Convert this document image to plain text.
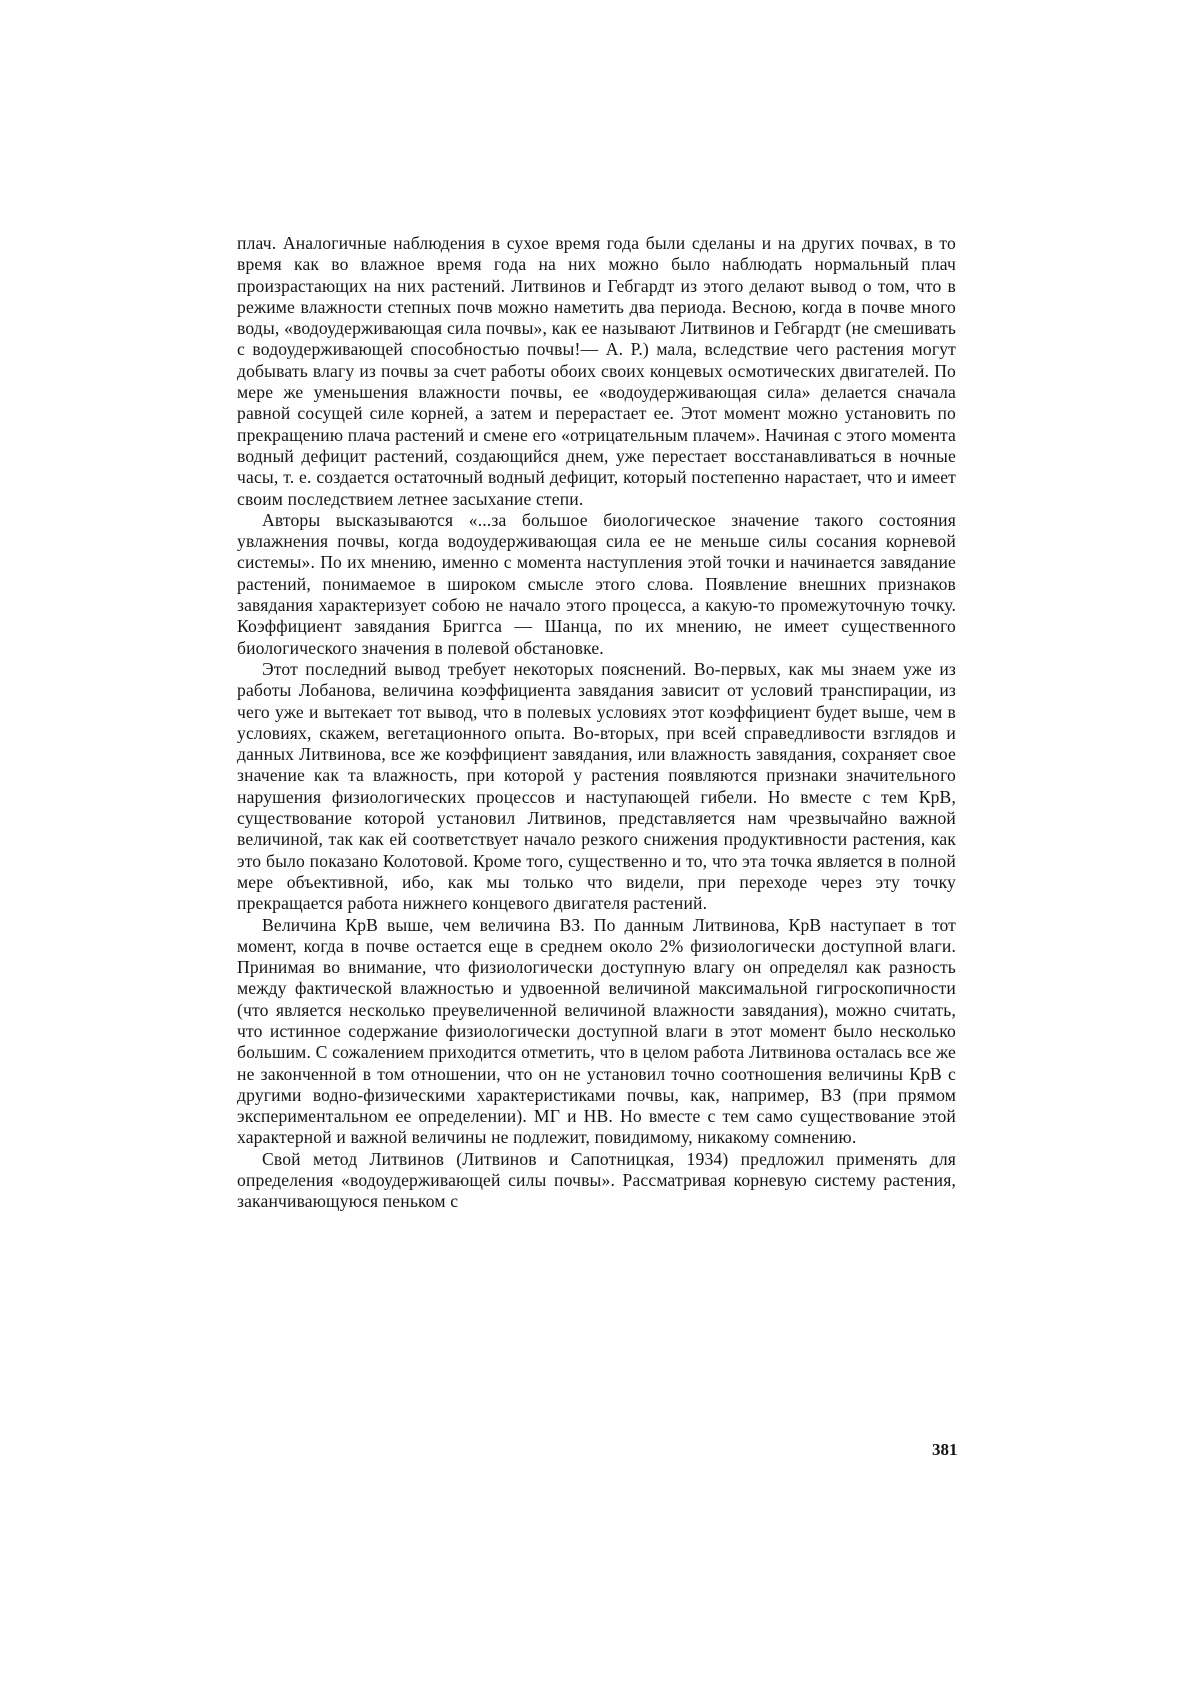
плач. Аналогичные наблюдения в сухое время года были сделаны и на других почвах, в то время как во влажное время года на них можно было наблюдать нормальный плач произрастающих на них растений. Литвинов и Гебгардт из этого делают вывод о том, что в режиме влажности степных почв можно наметить два периода. Весною, когда в почве много воды, «водоудерживающая сила почвы», как ее называют Литвинов и Гебгардт (не смешивать с водоудерживающей способностью почвы!— А. Р.) мала, вследствие чего растения могут добывать влагу из почвы за счет работы обоих своих концевых осмотических двигателей. По мере же уменьшения влажности почвы, ее «водоудерживающая сила» делается сначала равной сосущей силе корней, а затем и перерастает ее. Этот момент можно установить по прекращению плача растений и смене его «отрицательным плачем». Начиная с этого момента водный дефицит растений, создающийся днем, уже перестает восстанавливаться в ночные часы, т. е. создается остаточный водный дефицит, который постепенно нарастает, что и имеет своим последствием летнее засыхание степи.

Авторы высказываются «...за большое биологическое значение такого состояния увлажнения почвы, когда водоудерживающая сила ее не меньше силы сосания корневой системы». По их мнению, именно с момента наступления этой точки и начинается завядание растений, понимаемое в широком смысле этого слова. Появление внешних признаков завядания характеризует собою не начало этого процесса, а какую-то промежуточную точку. Коэффициент завядания Бриггса — Шанца, по их мнению, не имеет существенного биологического значения в полевой обстановке.

Этот последний вывод требует некоторых пояснений. Во-первых, как мы знаем уже из работы Лобанова, величина коэффициента завядания зависит от условий транспирации, из чего уже и вытекает тот вывод, что в полевых условиях этот коэффициент будет выше, чем в условиях, скажем, вегетационного опыта. Во-вторых, при всей справедливости взглядов и данных Литвинова, все же коэффициент завядания, или влажность завядания, сохраняет свое значение как та влажность, при которой у растения появляются признаки значительного нарушения физиологических процессов и наступающей гибели. Но вместе с тем КрВ, существование которой установил Литвинов, представляется нам чрезвычайно важной величиной, так как ей соответствует начало резкого снижения продуктивности растения, как это было показано Колотовой. Кроме того, существенно и то, что эта точка является в полной мере объективной, ибо, как мы только что видели, при переходе через эту точку прекращается работа нижнего концевого двигателя растений.

Величина КрВ выше, чем величина ВЗ. По данным Литвинова, КрВ наступает в тот момент, когда в почве остается еще в среднем около 2% физиологически доступной влаги. Принимая во внимание, что физиологически доступную влагу он определял как разность между фактической влажностью и удвоенной величиной максимальной гигроскопичности (что является несколько преувеличенной величиной влажности завядания), можно считать, что истинное содержание физиологически доступной влаги в этот момент было несколько большим. С сожалением приходится отметить, что в целом работа Литвинова осталась все же не законченной в том отношении, что он не установил точно соотношения величины КрВ с другими водно-физическими характеристиками почвы, как, например, ВЗ (при прямом экспериментальном ее определении). МГ и НВ. Но вместе с тем само существование этой характерной и важной величины не подлежит, повидимому, никакому сомнению.

Свой метод Литвинов (Литвинов и Сапотницкая, 1934) предложил применять для определения «водоудерживающей силы почвы». Рассматривая корневую систему растения, заканчивающуюся пеньком с

381
